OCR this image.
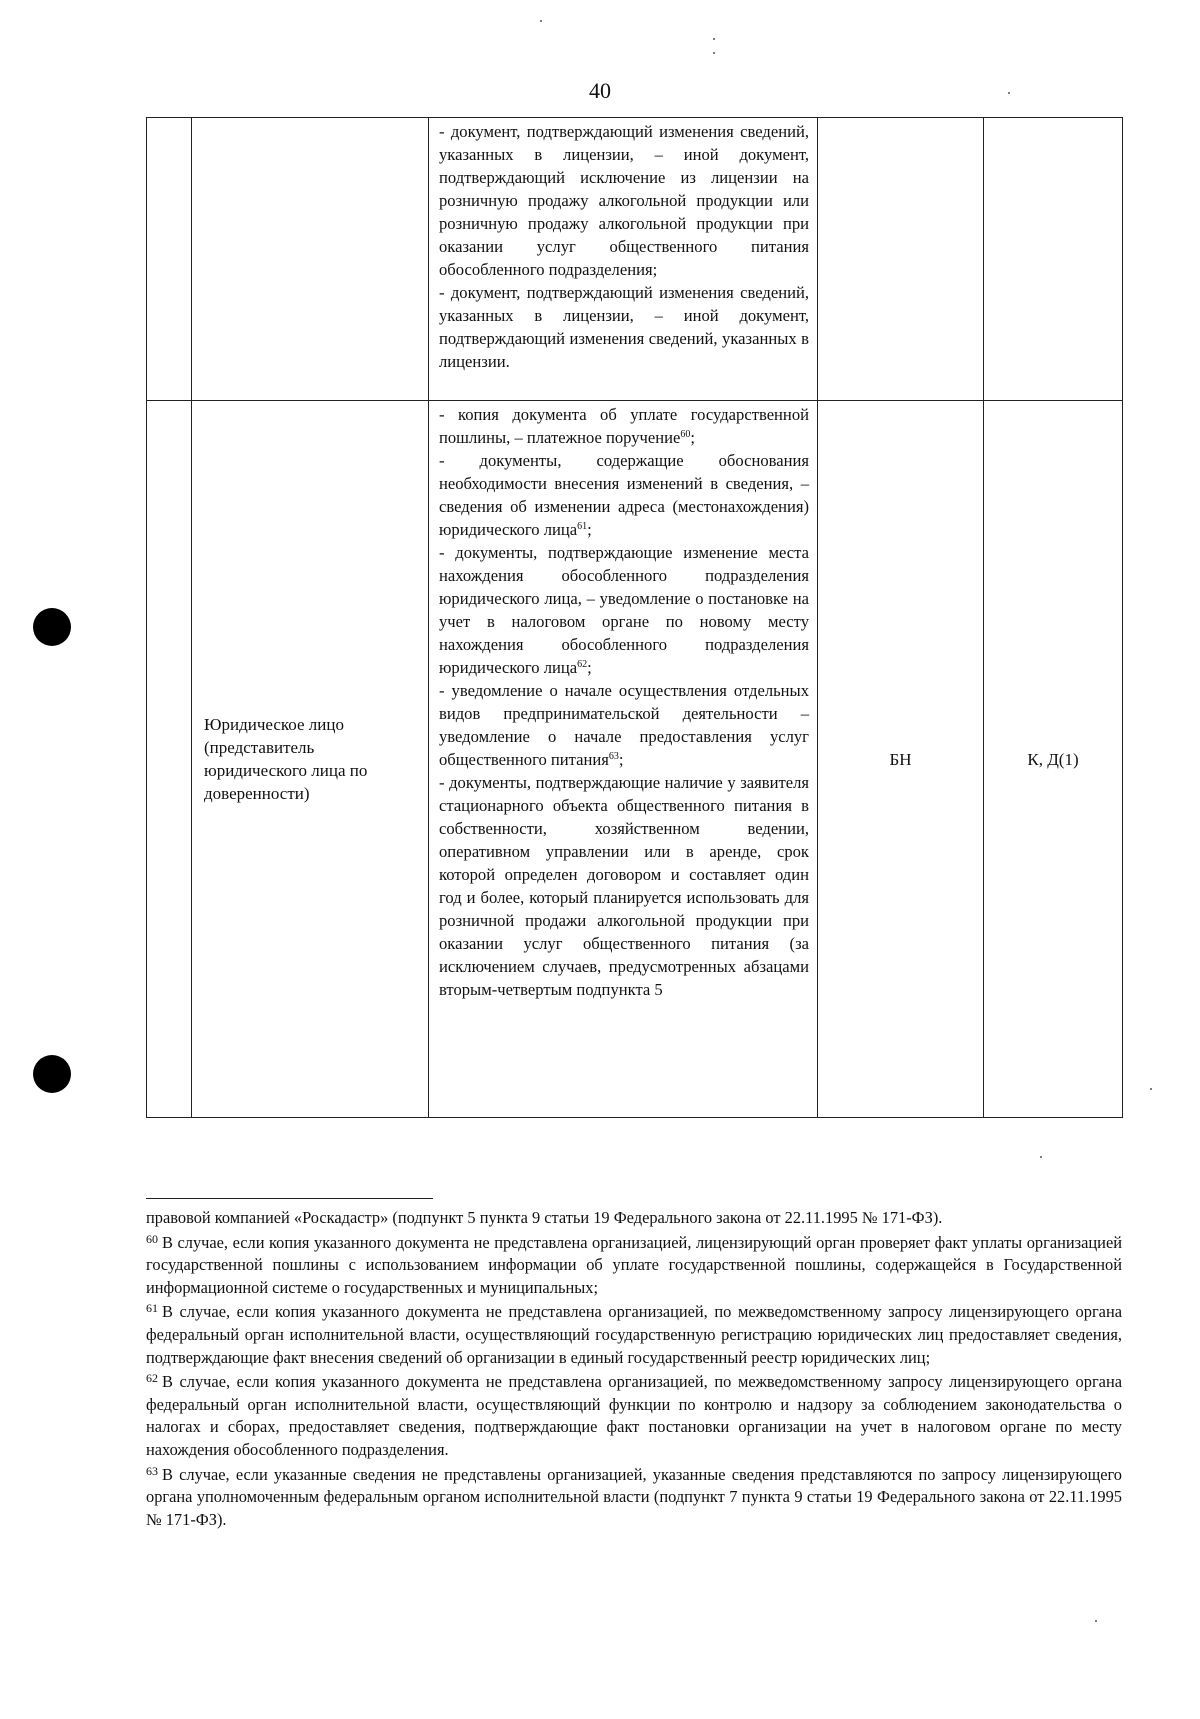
40

		- документ, подтверждающий изменения сведений, указанных в лицензии, – иной документ, подтверждающий исключение из лицензии на розничную продажу алкогольной продукции или розничную продажу алкогольной продукции при оказании услуг общественного питания обособленного подразделения;

- документ, подтверждающий изменения сведений, указанных в лицензии, – иной документ, подтверждающий изменения сведений, указанных в лицензии.		

	Юридическое лицо (представитель юридического лица по доверенности)	- копия документа об уплате государственной пошлины, – платежное поручение$^{60}$;

- документы, содержащие обоснования необходимости внесения изменений в сведения, – сведения об изменении адреса (местонахождения) юридического лица$^{61}$;

- документы, подтверждающие изменение места нахождения обособленного подразделения юридического лица, – уведомление о постановке на учет в налоговом органе по новому месту нахождения обособленного подразделения юридического лица$^{62}$;

- уведомление о начале осуществления отдельных видов предпринимательской деятельности – уведомление о начале предоставления услуг общественного питания$^{63}$;

- документы, подтверждающие наличие у заявителя стационарного объекта общественного питания в собственности, хозяйственном ведении, оперативном управлении или в аренде, срок которой определен договором и составляет один год и более, который планируется использовать для розничной продажи алкогольной продукции при оказании услуг общественного питания (за исключением случаев, предусмотренных абзацами вторым-четвертым подпункта 5	БН	К, Д(1)

правовой компанией «Роскадастр» (подпункт 5 пункта 9 статьи 19 Федерального закона от 22.11.1995 № 171-ФЗ).

$^{60}$ В случае, если копия указанного документа не представлена организацией, лицензирующий орган проверяет факт уплаты организацией государственной пошлины с использованием информации об уплате государственной пошлины, содержащейся в Государственной информационной системе о государственных и муниципальных;

$^{61}$ В случае, если копия указанного документа не представлена организацией, по межведомственному запросу лицензирующего органа федеральный орган исполнительной власти, осуществляющий государственную регистрацию юридических лиц предоставляет сведения, подтверждающие факт внесения сведений об организации в единый государственный реестр юридических лиц;

$^{62}$ В случае, если копия указанного документа не представлена организацией, по межведомственному запросу лицензирующего органа федеральный орган исполнительной власти, осуществляющий функции по контролю и надзору за соблюдением законодательства о налогах и сборах, предоставляет сведения, подтверждающие факт постановки организации на учет в налоговом органе по месту нахождения обособленного подразделения.

$^{63}$ В случае, если указанные сведения не представлены организацией, указанные сведения представляются по запросу лицензирующего органа уполномоченным федеральным органом исполнительной власти (подпункт 7 пункта 9 статьи 19 Федерального закона от 22.11.1995 № 171-ФЗ).
